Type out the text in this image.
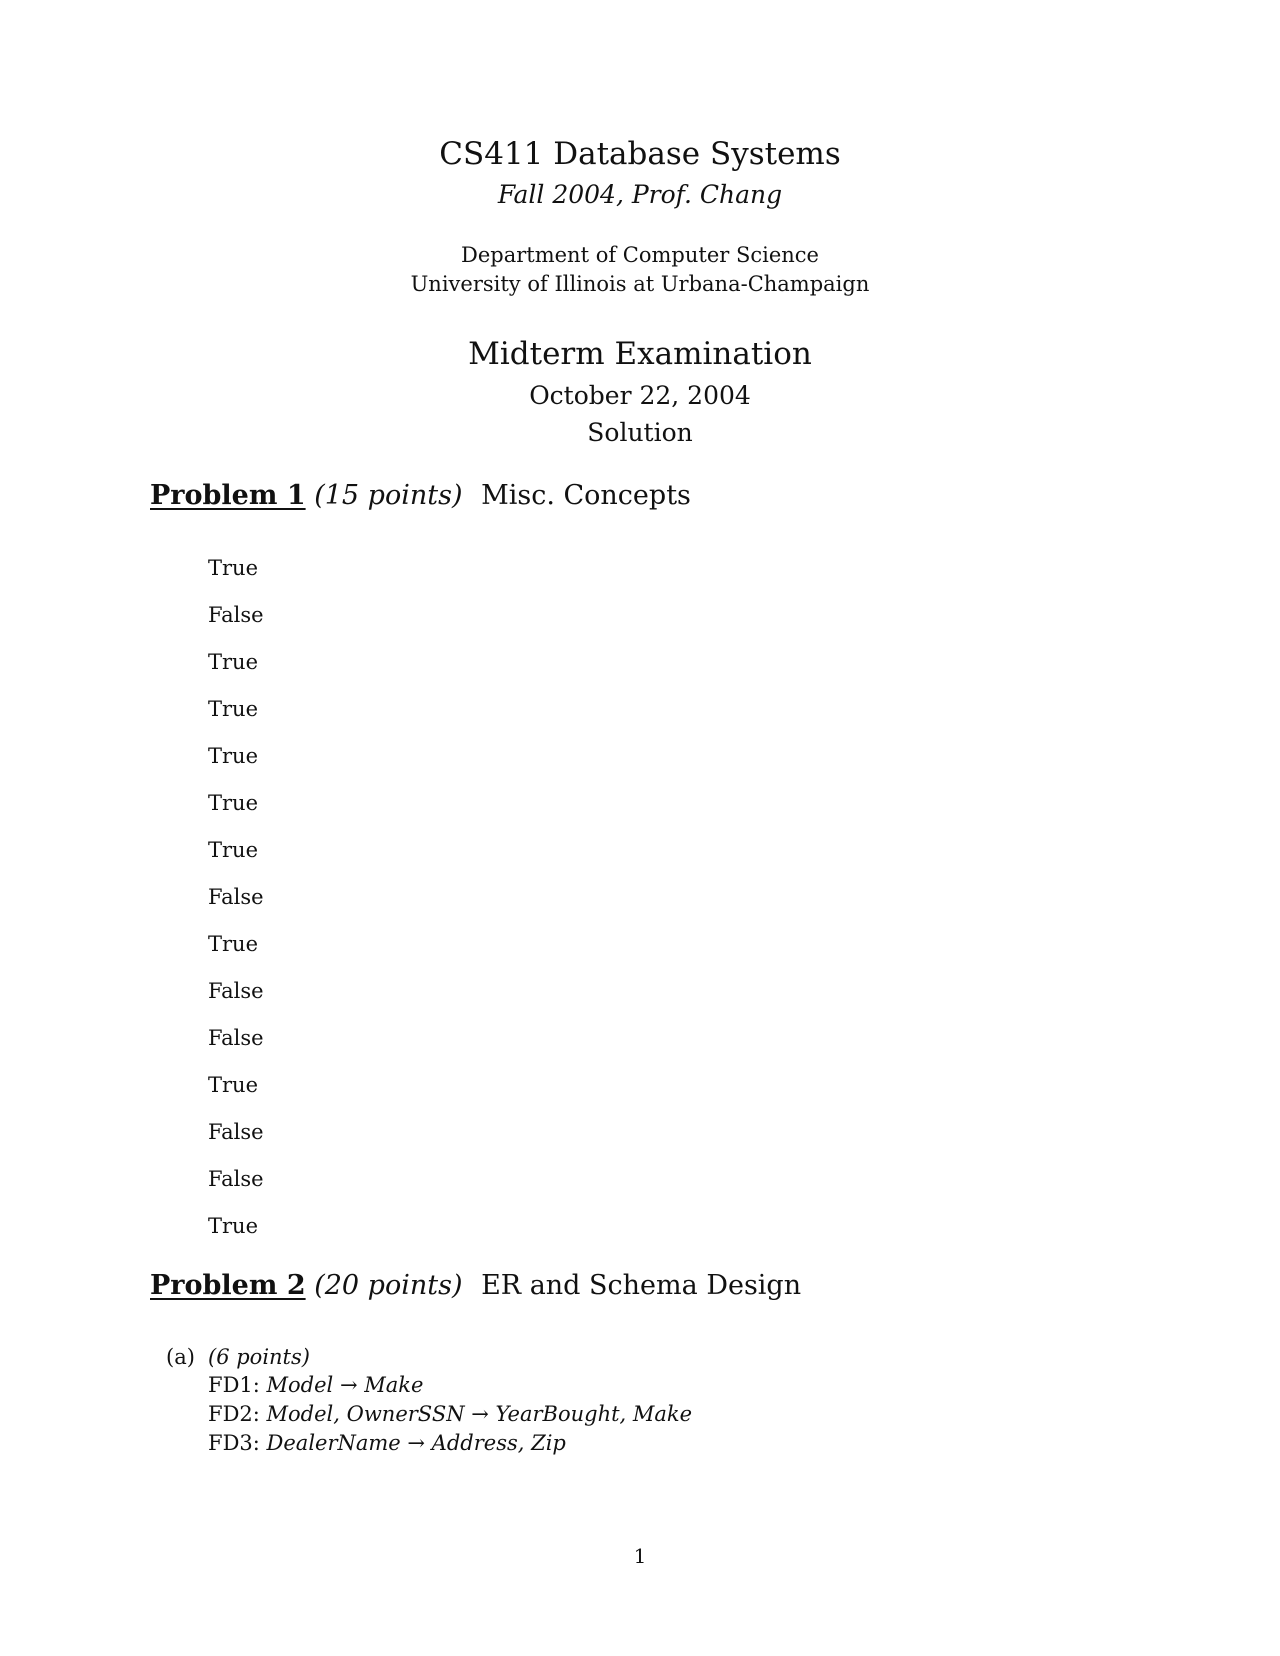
CS411 Database Systems
Fall 2004, Prof. Chang
Department of Computer Science
University of Illinois at Urbana-Champaign
Midterm Examination
October 22, 2004
Solution
Problem 1 (15 points) Misc. Concepts
True
False
True
True
True
True
True
False
True
False
False
True
False
False
True
Problem 2 (20 points) ER and Schema Design
(a) (6 points)
FD1: Model → Make
FD2: Model, OwnerSSN → YearBought, Make
FD3: DealerName → Address, Zip
1
